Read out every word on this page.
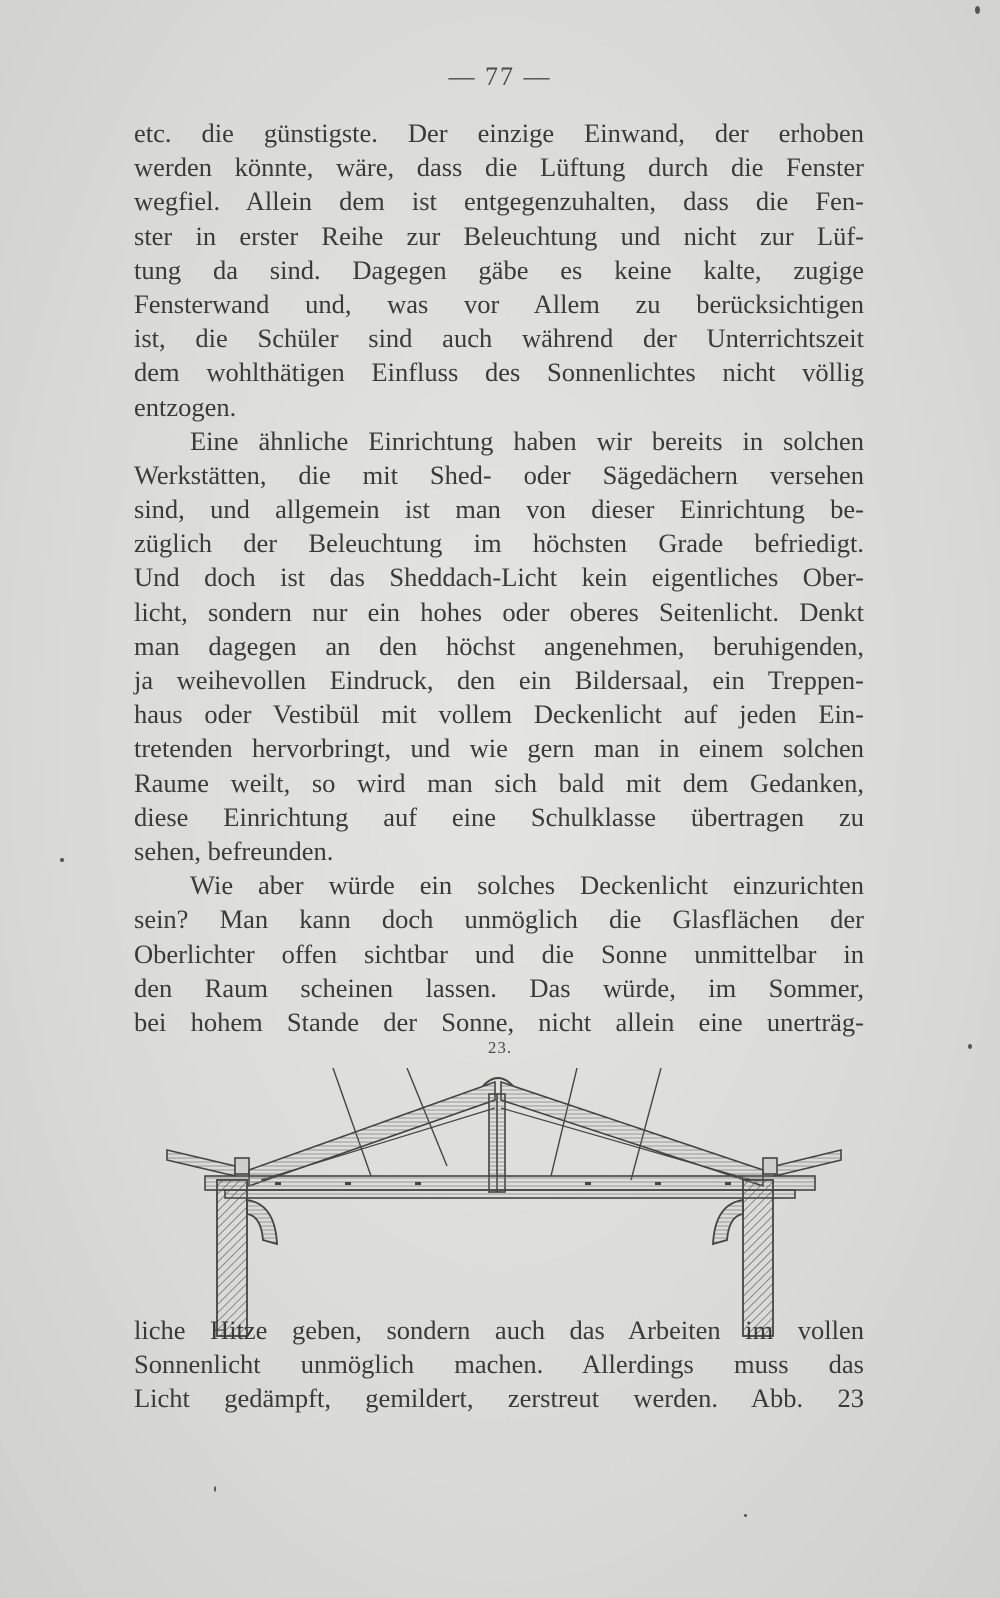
— 77 —
etc. die günstigste. Der einzige Einwand, der erhoben
werden könnte, wäre, dass die Lüftung durch die Fenster
wegfiel. Allein dem ist entgegenzuhalten, dass die Fen-
ster in erster Reihe zur Beleuchtung und nicht zur Lüf-
tung da sind. Dagegen gäbe es keine kalte, zugige
Fensterwand und, was vor Allem zu berücksichtigen
ist, die Schüler sind auch während der Unterrichtszeit
dem wohlthätigen Einfluss des Sonnenlichtes nicht völlig
entzogen.
Eine ähnliche Einrichtung haben wir bereits in solchen
Werkstätten, die mit Shed- oder Sägedächern versehen
sind, und allgemein ist man von dieser Einrichtung be-
züglich der Beleuchtung im höchsten Grade befriedigt.
Und doch ist das Sheddach-Licht kein eigentliches Ober-
licht, sondern nur ein hohes oder oberes Seitenlicht. Denkt
man dagegen an den höchst angenehmen, beruhigenden,
ja weihevollen Eindruck, den ein Bildersaal, ein Treppen-
haus oder Vestibül mit vollem Deckenlicht auf jeden Ein-
tretenden hervorbringt, und wie gern man in einem solchen
Raume weilt, so wird man sich bald mit dem Gedanken,
diese Einrichtung auf eine Schulklasse übertragen zu
sehen, befreunden.
Wie aber würde ein solches Deckenlicht einzurichten
sein? Man kann doch unmöglich die Glasflächen der
Oberlichter offen sichtbar und die Sonne unmittelbar in
den Raum scheinen lassen. Das würde, im Sommer,
bei hohem Stande der Sonne, nicht allein eine unerträg-
23.
liche Hitze geben, sondern auch das Arbeiten im vollen
Sonnenlicht unmöglich machen. Allerdings muss das
Licht gedämpft, gemildert, zerstreut werden. Abb. 23
